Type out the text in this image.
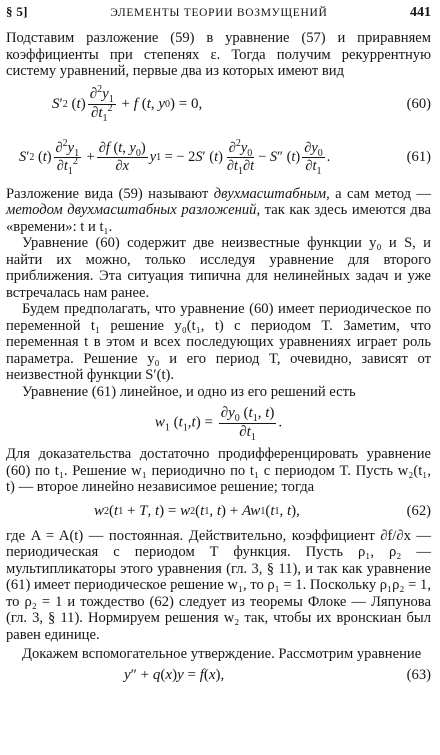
§ 5]	ЭЛЕМЕНТЫ ТЕОРИИ ВОЗМУЩЕНИЙ	441

Подставим разложение (59) в уравнение (57) и приравняем коэффициенты при степенях ε. Тогда получим рекуррентную систему уравнений, первые два из которых имеют вид

S ′ 2 ( t ) $\frac{\partial^2y_1}{\partial t_1^2} + f$ ( t , y 0 ) = 0,	(60)
S ′ 2 ( t ) $\frac{\partial^2y_1}{\partial t_1^2} + \frac{\partial f (t, y_0)}{\partial x}$ y 1 = − 2 S ′ ( t ) $\frac{\partial^2y_0}{\partial t_1\partial t} - S$ ″ ( t ) $\frac{\partial y_0}{\partial t_1}$ .	(61)

Разложение вида (59) называют двухмасштабным, а сам метод — методом двухмасштабных разложений, так как здесь имеются два «времени»: t и t₁.

Уравнение (60) содержит две неизвестные функции y₀ и S, и найти их можно, только исследуя уравнение для второго приближения. Эта ситуация типична для нелинейных задач и уже встречалась нам ранее.

Будем предполагать, что уравнение (60) имеет периодическое по переменной t₁ решение y₀(t₁, t) с периодом T. Заметим, что переменная t в этом и всех последующих уравнениях играет роль параметра. Решение y₀ и его период T, очевидно, зависят от неизвестной функции S′(t).

Уравнение (61) линейное, и одно из его решений есть

$w_1$ $(t_1,t) = \frac{\partial y_0 (t_1, t)}{\partial t_1}$ .

Для доказательства достаточно продифференцировать уравнение (60) по t₁. Решение w₁ периодично по t₁ с периодом T. Пусть w₂(t₁, t) — второе линейно независимое решение; тогда

w 2 ( t 1 + T , t ) = w 2 ( t 1 , t ) + Aw 1 ( t 1 , t ),	(62)

где A = A(t) — постоянная. Действительно, коэффициент ∂f/∂x — периодическая с периодом T функция. Пусть ρ₁, ρ₂ — мультипликаторы этого уравнения (гл. 3, § 11), и так как уравнение (61) имеет периодическое решение w₁, то ρ₁ = 1. Поскольку ρ₁ρ₂ = 1, то ρ₂ = 1 и тождество (62) следует из теоремы Флоке — Ляпунова (гл. 3, § 11). Нормируем решения w₂ так, чтобы их вронскиан был равен единице.

Докажем вспомогательное утверждение. Рассмотрим уравнение

y ″ + q ( x ) y = f ( x ),	(63)
